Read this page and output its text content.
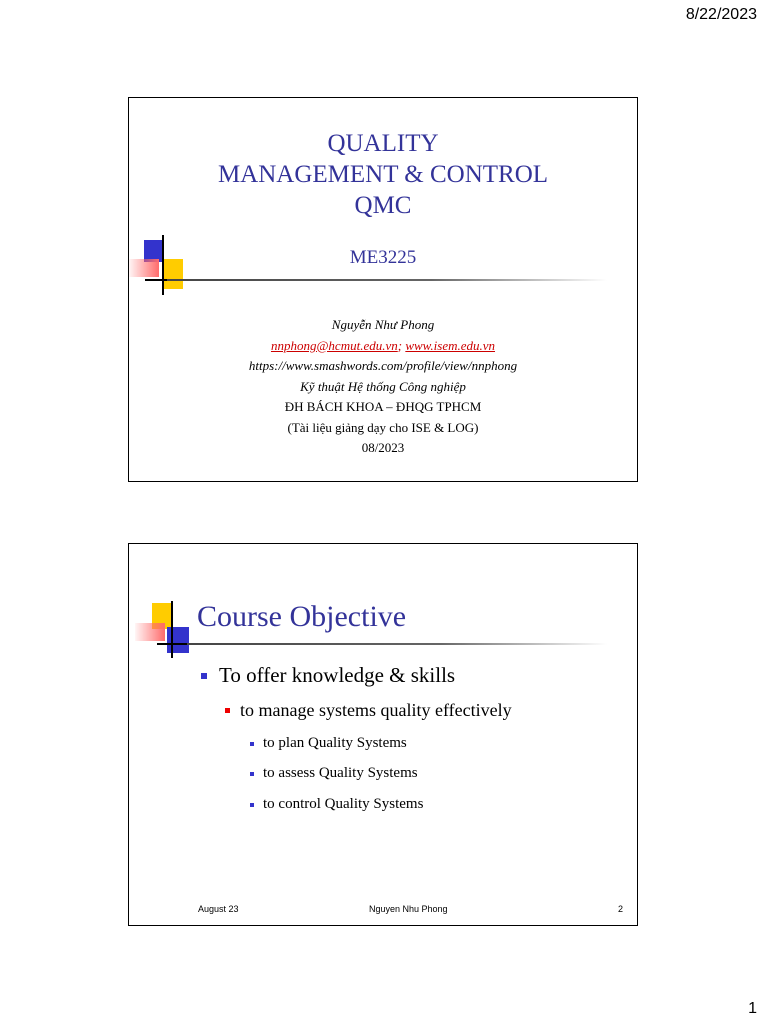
8/22/2023
QUALITY
MANAGEMENT & CONTROL
QMC
ME3225
Nguyễn Như Phong
nnphong@hcmut.edu.vn; www.isem.edu.vn
https://www.smashwords.com/profile/view/nnphong
Kỹ thuật Hệ thống Công nghiệp
ĐH BÁCH KHOA – ĐHQG TPHCM
(Tài liệu giảng dạy cho ISE & LOG)
08/2023
Course Objective
To offer knowledge & skills
to manage systems quality effectively
to plan Quality Systems
to assess Quality Systems
to control Quality Systems
August 23	Nguyen Nhu Phong	2
1
